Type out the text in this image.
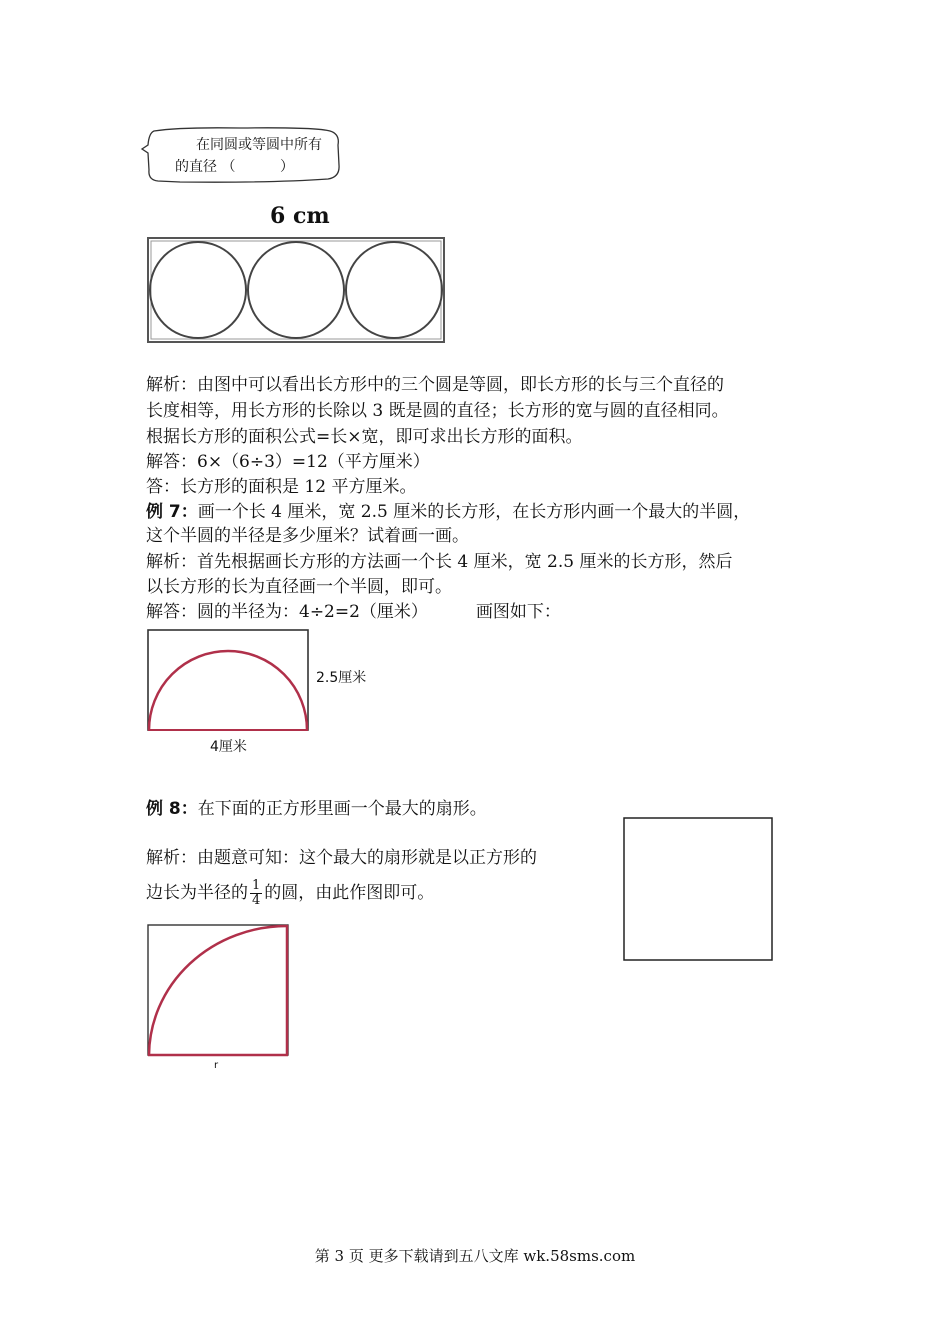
在同圆或等圆中所有
的直径 （          ）
6 cm
解析：由图中可以看出长方形中的三个圆是等圆，即长方形的长与三个直径的
长度相等，用长方形的长除以 3 既是圆的直径；长方形的宽与圆的直径相同。
根据长方形的面积公式=长×宽，即可求出长方形的面积。
解答：6×（6÷3）=12（平方厘米）
答：长方形的面积是 12 平方厘米。
例 7：画一个长 4 厘米，宽 2.5 厘米的长方形，在长方形内画一个最大的半圆，
这个半圆的半径是多少厘米？试着画一画。
解析：首先根据画长方形的方法画一个长 4 厘米，宽 2.5 厘米的长方形，然后
以长方形的长为直径画一个半圆，即可。
解答：圆的半径为：4÷2=2（厘米）	画图如下：
2.5厘米
4厘米
例 8：在下面的正方形里画一个最大的扇形。
解析：由题意可知：这个最大的扇形就是以正方形的
边长为半径的 $\frac{1}{4}$ 的圆，由此作图即可。
r
第 3 页 更多下载请到五八文库 wk.58sms.com
